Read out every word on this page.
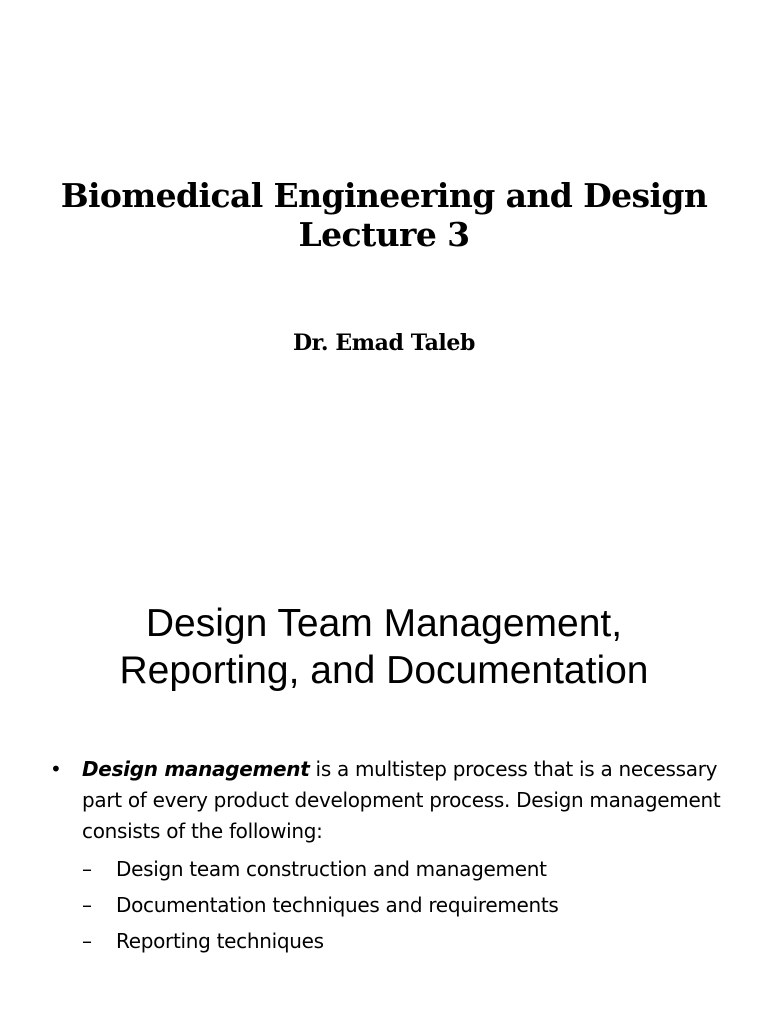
Biomedical Engineering and Design
Lecture 3
Dr. Emad Taleb
Design Team Management,
Reporting, and Documentation
•	Design management is a multistep process that is a necessary part of every product development process. Design management consists of the following:
–	Design team construction and management
–	Documentation techniques and requirements
–	Reporting techniques
